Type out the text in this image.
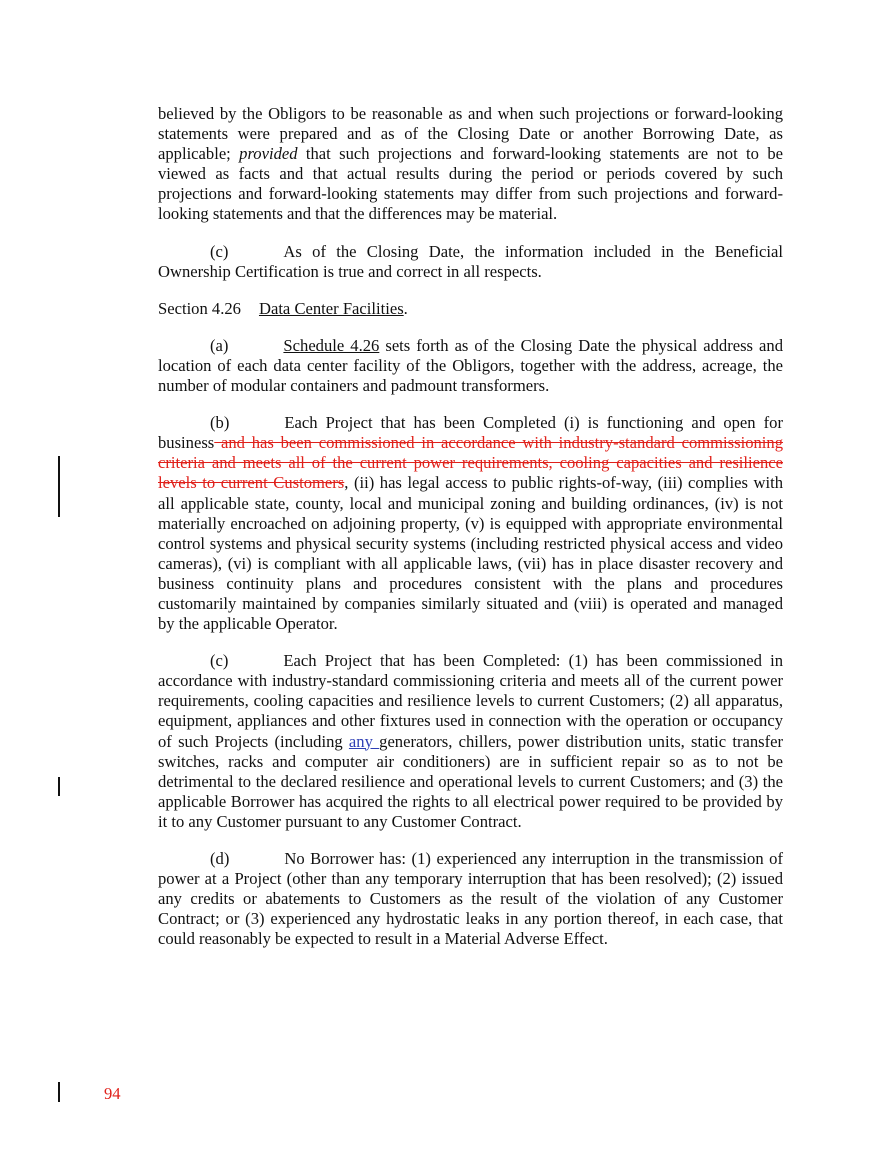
believed by the Obligors to be reasonable as and when such projections or forward-looking statements were prepared and as of the Closing Date or another Borrowing Date, as applicable; provided that such projections and forward-looking statements are not to be viewed as facts and that actual results during the period or periods covered by such projections and forward-looking statements may differ from such projections and forward-looking statements and that the differences may be material.

(c)	As of the Closing Date, the information included in the Beneficial Ownership Certification is true and correct in all respects.

Section 4.26 Data Center Facilities.

(a)	Schedule 4.26 sets forth as of the Closing Date the physical address and location of each data center facility of the Obligors, together with the address, acreage, the number of modular containers and padmount transformers.

(b)	Each Project that has been Completed (i) is functioning and open for business and has been commissioned in accordance with industry-standard commissioning criteria and meets all of the current power requirements, cooling capacities and resilience levels to current Customers, (ii) has legal access to public rights-of-way, (iii) complies with all applicable state, county, local and municipal zoning and building ordinances, (iv) is not materially encroached on adjoining property, (v) is equipped with appropriate environmental control systems and physical security systems (including restricted physical access and video cameras), (vi) is compliant with all applicable laws, (vii) has in place disaster recovery and business continuity plans and procedures consistent with the plans and procedures customarily maintained by companies similarly situated and (viii) is operated and managed by the applicable Operator.

(c)	Each Project that has been Completed: (1) has been commissioned in accordance with industry-standard commissioning criteria and meets all of the current power requirements, cooling capacities and resilience levels to current Customers; (2) all apparatus, equipment, appliances and other fixtures used in connection with the operation or occupancy of such Projects (including any generators, chillers, power distribution units, static transfer switches, racks and computer air conditioners) are in sufficient repair so as to not be detrimental to the declared resilience and operational levels to current Customers; and (3) the applicable Borrower has acquired the rights to all electrical power required to be provided by it to any Customer pursuant to any Customer Contract.

(d)	No Borrower has: (1) experienced any interruption in the transmission of power at a Project (other than any temporary interruption that has been resolved); (2) issued any credits or abatements to Customers as the result of the violation of any Customer Contract; or (3) experienced any hydrostatic leaks in any portion thereof, in each case, that could reasonably be expected to result in a Material Adverse Effect.

94
